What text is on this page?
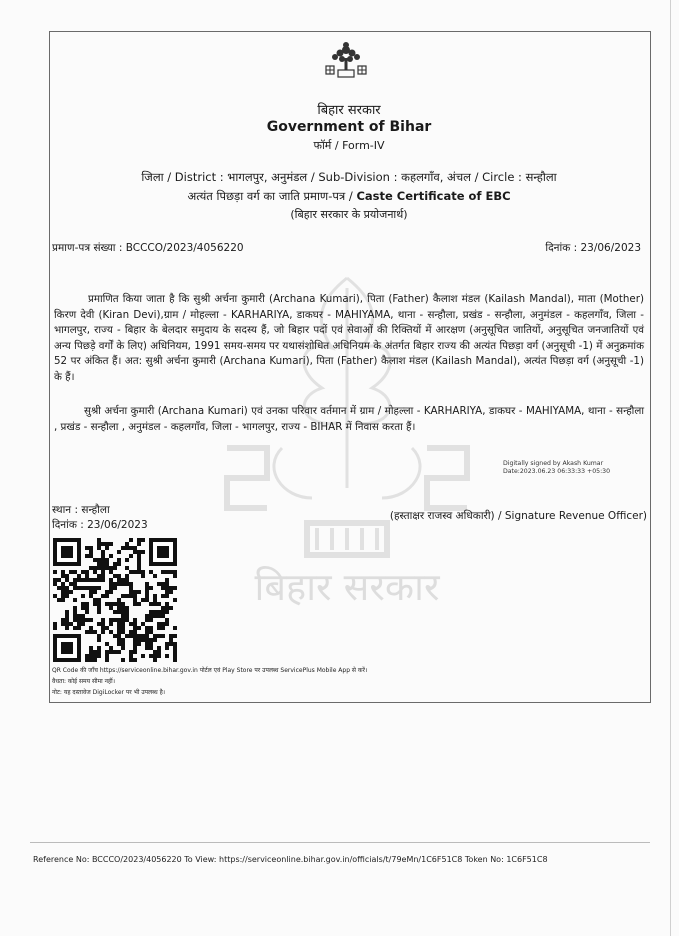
बिहार सरकार
बिहार सरकार
Government of Bihar
फॉर्म / Form-IV
जिला / District : भागलपुर, अनुमंडल / Sub-Division : कहलगाँव, अंचल / Circle : सन्हौला
अत्यंत पिछड़ा वर्ग का जाति प्रमाण-पत्र / Caste Certificate of EBC
(बिहार सरकार के प्रयोजनार्थ)
प्रमाण-पत्र संख्या : BCCCO/2023/4056220	दिनांक : 23/06/2023
प्रमाणित किया जाता है कि सुश्री अर्चना कुमारी (Archana Kumari), पिता (Father) कैलाश मंडल (Kailash Mandal), माता (Mother) किरण देवी (Kiran Devi),ग्राम / मोहल्ला - KARHARIYA, डाकघर - MAHIYAMA, थाना - सन्हौला, प्रखंड - सन्हौला, अनुमंडल - कहलगाँव, जिला - भागलपुर, राज्य - बिहार के बेलदार समुदाय के सदस्य हैं, जो बिहार पदों एवं सेवाओं की रिक्तियों में आरक्षण (अनुसूचित जातियों, अनुसूचित जनजातियों एवं अन्य पिछड़े वर्गों के लिए) अधिनियम, 1991 समय-समय पर यथासंशोधित अधिनियम के अंतर्गत बिहार राज्य की अत्यंत पिछड़ा वर्ग (अनुसूची -1) में अनुक्रमांक 52 पर अंकित हैं। अत: सुश्री अर्चना कुमारी (Archana Kumari), पिता (Father) कैलाश मंडल (Kailash Mandal), अत्यंत पिछड़ा वर्ग (अनुसूची -1) के हैं।
सुश्री अर्चना कुमारी (Archana Kumari) एवं उनका परिवार वर्तमान में ग्राम / मोहल्ला - KARHARIYA, डाकघर - MAHIYAMA, थाना - सन्हौला , प्रखंड - सन्हौला , अनुमंडल - कहलगाँव, जिला - भागलपुर, राज्य - BIHAR में निवास करता हैं।
Digitally signed by Akash Kumar
Date:2023.06.23 06:33:33 +05:30
स्थान : सन्हौला
दिनांक : 23/06/2023
(हस्ताक्षर राजस्व अधिकारी) / Signature Revenue Officer)
QR Code की जाँच https://serviceonline.bihar.gov.in पोर्टल एवं Play Store पर उपलब्ध ServicePlus Mobile App से करें।
वैधता: कोई समय सीमा नहीं।
नोट: यह दस्तावेज DigiLocker पर भी उपलब्ध है।
Reference No: BCCCO/2023/4056220 To View: https://serviceonline.bihar.gov.in/officials/t/79eMn/1C6F51C8 Token No: 1C6F51C8
